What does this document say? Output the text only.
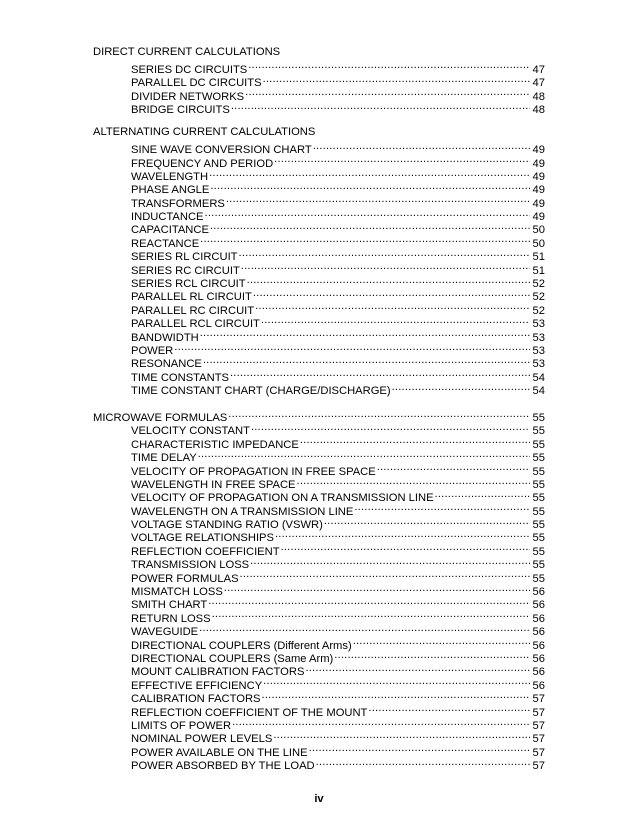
DIRECT CURRENT CALCULATIONS
SERIES DC CIRCUITS .....	47
PARALLEL DC CIRCUITS .....	47
DIVIDER NETWORKS .....	48
BRIDGE CIRCUITS .....	48
ALTERNATING CURRENT CALCULATIONS
SINE WAVE CONVERSION CHART .....	49
FREQUENCY AND PERIOD .....	49
WAVELENGTH .....	49
PHASE ANGLE .....	49
TRANSFORMERS .....	49
INDUCTANCE .....	49
CAPACITANCE .....	50
REACTANCE .....	50
SERIES RL CIRCUIT .....	51
SERIES RC CIRCUIT .....	51
SERIES RCL CIRCUIT .....	52
PARALLEL RL CIRCUIT .....	52
PARALLEL RC CIRCUIT .....	52
PARALLEL RCL CIRCUIT .....	53
BANDWIDTH .....	53
POWER .....	53
RESONANCE .....	53
TIME CONSTANTS .....	54
TIME CONSTANT CHART (CHARGE/DISCHARGE) .....	54
MICROWAVE FORMULAS .....	55
VELOCITY CONSTANT .....	55
CHARACTERISTIC IMPEDANCE .....	55
TIME DELAY .....	55
VELOCITY OF PROPAGATION IN FREE SPACE .....	55
WAVELENGTH IN FREE SPACE .....	55
VELOCITY OF PROPAGATION ON A TRANSMISSION LINE .....	55
WAVELENGTH ON A TRANSMISSION LINE .....	55
VOLTAGE STANDING RATIO (VSWR) .....	55
VOLTAGE RELATIONSHIPS .....	55
REFLECTION COEFFICIENT .....	55
TRANSMISSION LOSS .....	55
POWER FORMULAS .....	55
MISMATCH LOSS .....	56
SMITH CHART .....	56
RETURN LOSS .....	56
WAVEGUIDE .....	56
DIRECTIONAL COUPLERS (Different Arms) .....	56
DIRECTIONAL COUPLERS (Same Arm) .....	56
MOUNT CALIBRATION FACTORS .....	56
EFFECTIVE EFFICIENCY .....	56
CALIBRATION FACTORS .....	57
REFLECTION COEFFICIENT OF THE MOUNT .....	57
LIMITS OF POWER .....	57
NOMINAL POWER LEVELS .....	57
POWER AVAILABLE ON THE LINE .....	57
POWER ABSORBED BY THE LOAD .....	57
iv
